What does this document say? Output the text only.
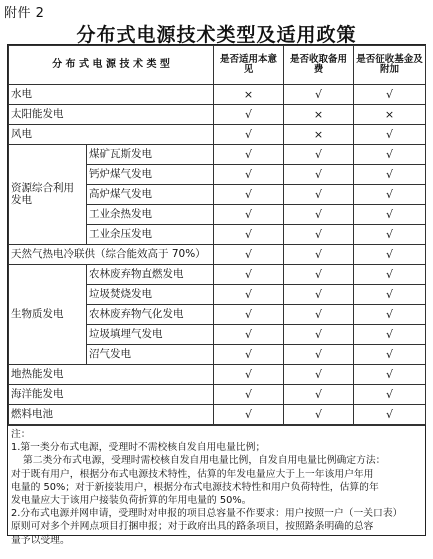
附件 2
分布式电源技术类型及适用政策
分 布 式 电 源 技 术 类 型		是否适用本意见	是否收取备用费	是否征收基金及附加
水电		×	√	√
太阳能发电		√	×	×
风电		√	×	√
资源综合利用发电	煤矿瓦斯发电	√	√	√
	钙炉煤气发电	√	√	√
	高炉煤气发电	√	√	√
	工业余热发电	√	√	√
	工业余压发电	√	√	√
天然气热电冷联供（综合能效高于 70%）		√	√	√
生物质发电	农林废弃物直燃发电	√	√	√
	垃圾焚烧发电	√	√	√
	农林废弃物气化发电	√	√	√
	垃圾填埋气发电	√	√	√
	沼气发电	√	√	√
地热能发电		√	√	√
海洋能发电		√	√	√
燃料电池		√	√	√

注：

1.第一类分布式电源，受理时不需校核自发自用电量比例；

第二类分布式电源，受理时需校核自发自用电量比例，自发自用电量比例确定方法：

对于既有用户，根据分布式电源技术特性，估算的年发电量应大于上一年该用户年用

电量的 50%；对于新接装用户，根据分布式电源技术特性和用户负荷特性，估算的年

发电量应大于该用户接装负荷折算的年用电量的 50%。

2.分布式电源并网申请，受理时对申报的项目总容量不作要求：用户按照一户（一关口表）

原则可对多个并网点项目打捆申报；对于政府出具的路条项目，按照路条明确的总容

量予以受理。
